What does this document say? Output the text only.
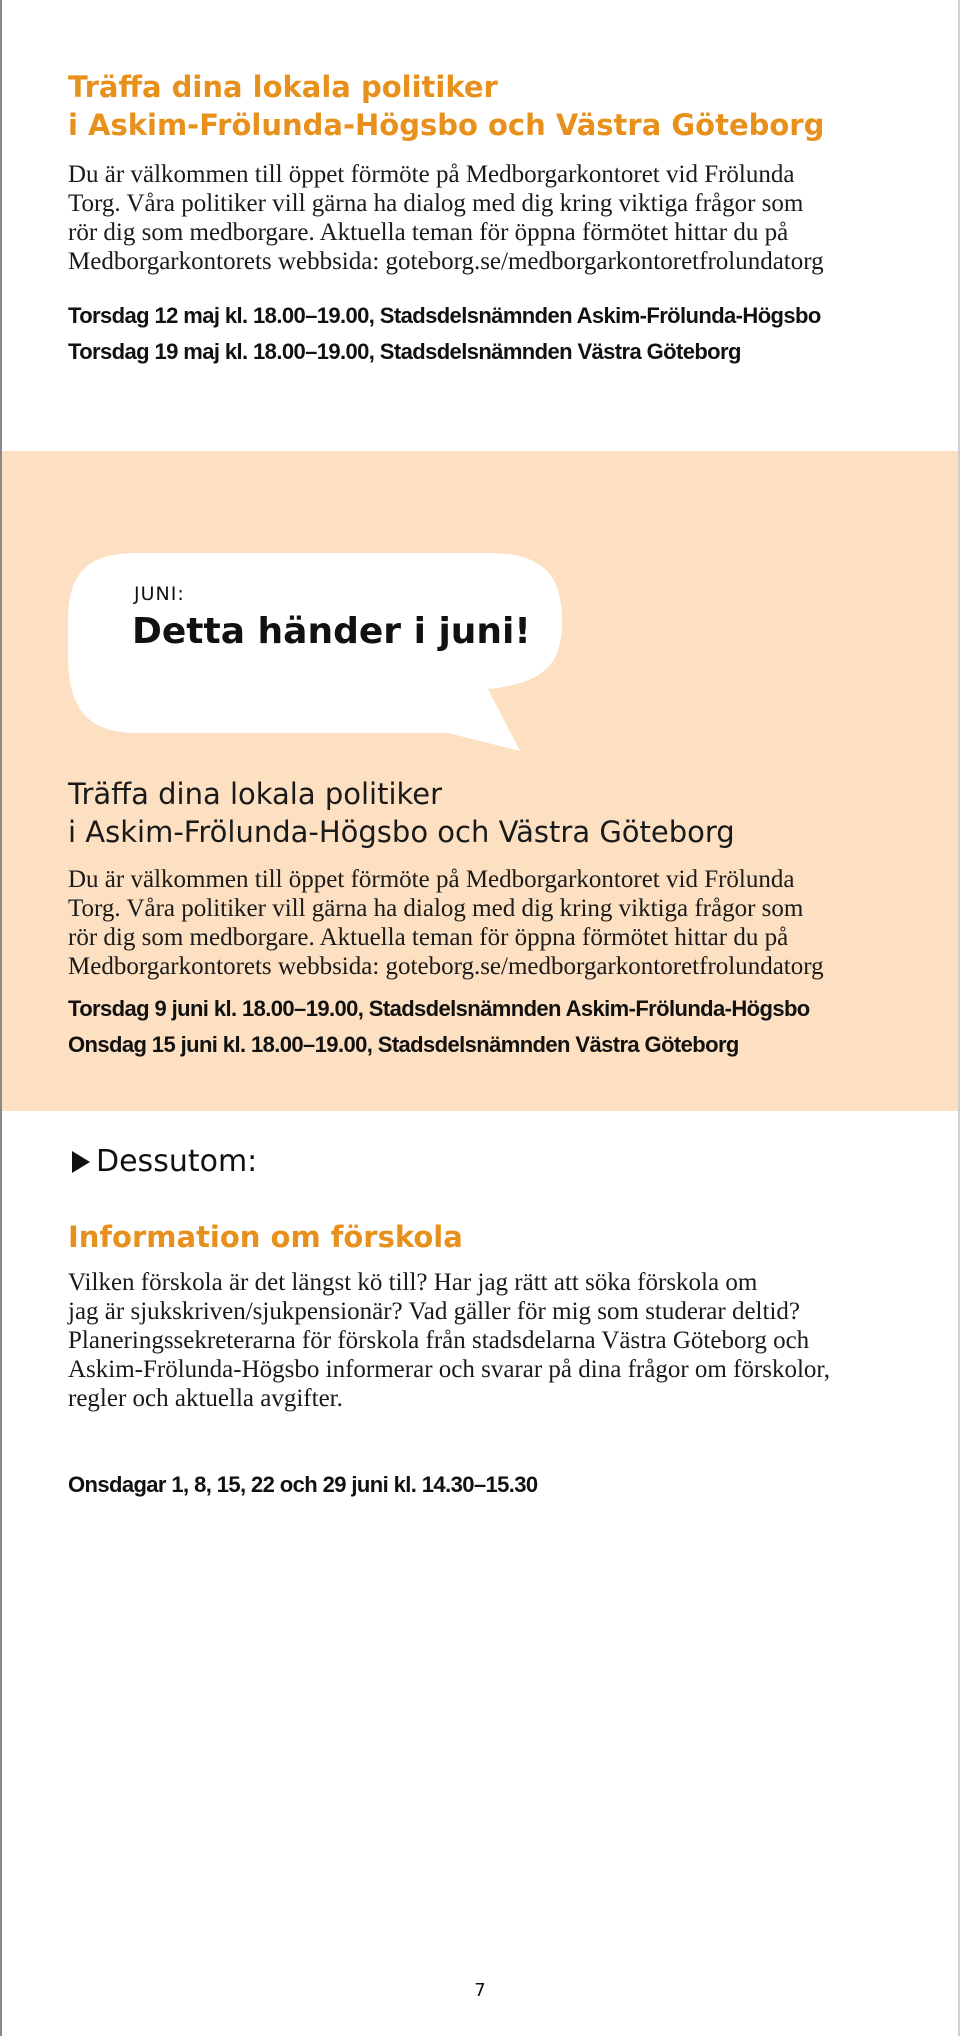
Träffa dina lokala politiker
i Askim-Frölunda-Högsbo och Västra Göteborg

Du är välkommen till öppet förmöte på Medborgarkontoret vid Frölunda
Torg. Våra politiker vill gärna ha dialog med dig kring viktiga frågor som
rör dig som medborgare. Aktuella teman för öppna förmötet hittar du på
Medborgarkontorets webbsida: goteborg.se/medborgarkontoretfrolundatorg

Torsdag 12 maj kl. 18.00–19.00, Stadsdelsnämnden Askim-Frölunda-Högsbo

Torsdag 19 maj kl. 18.00–19.00, Stadsdelsnämnden Västra Göteborg

JUNI:
Detta händer i juni!
Träffa dina lokala politiker
i Askim-Frölunda-Högsbo och Västra Göteborg

Du är välkommen till öppet förmöte på Medborgarkontoret vid Frölunda
Torg. Våra politiker vill gärna ha dialog med dig kring viktiga frågor som
rör dig som medborgare. Aktuella teman för öppna förmötet hittar du på
Medborgarkontorets webbsida: goteborg.se/medborgarkontoretfrolundatorg

Torsdag 9 juni kl. 18.00–19.00, Stadsdelsnämnden Askim-Frölunda-Högsbo

Onsdag 15 juni kl. 18.00–19.00, Stadsdelsnämnden Västra Göteborg

Dessutom:
Information om förskola

Vilken förskola är det längst kö till? Har jag rätt att söka förskola om
jag är sjukskriven/sjukpensionär? Vad gäller för mig som studerar deltid?
Planeringssekreterarna för förskola från stadsdelarna Västra Göteborg och
Askim-Frölunda-Högsbo informerar och svarar på dina frågor om förskolor,
regler och aktuella avgifter.

Onsdagar 1, 8, 15, 22 och 29 juni kl. 14.30–15.30

7
